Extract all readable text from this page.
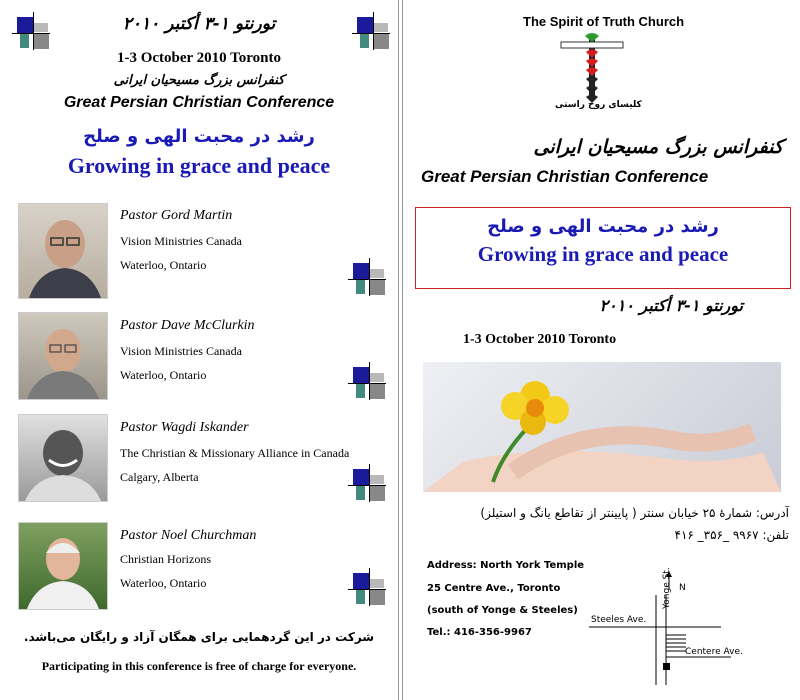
تورنتو ۱-۳ أکتبر ۲۰۱۰
1-3 October 2010 Toronto
کنفرانس بزرگ مسیحیان ایرانی
Great Persian Christian Conference
رشد در محبت الهی و صلح
Growing in grace and peace
Pastor Gord Martin
Vision Ministries Canada
Waterloo, Ontario
Pastor Dave McClurkin
Vision Ministries Canada
Waterloo, Ontario
Pastor Wagdi Iskander
The Christian & Missionary Alliance in Canada
Calgary, Alberta
Pastor Noel Churchman
Christian Horizons
Waterloo, Ontario
شرکت در این گردهمایی برای همگان آزاد و رایگان می‌باشد.
Participating in this conference is free of charge for everyone.
The Spirit of Truth Church
کلیسای روح راستی
کنفرانس بزرگ مسیحیان ایرانی
Great Persian Christian Conference
رشد در محبت الهی و صلح
Growing in grace and peace
تورنتو ۱-۳ أکتبر ۲۰۱۰
1-3 October 2010 Toronto
آدرس: شمارهٔ ۲۵ خیابان سنتر ( پایینتر از تقاطع یانگ و استیلز)
تلفن: ۹۹۶۷ _۳۵۶_ ۴۱۶
Address: North York Temple
25 Centre Ave., Toronto
(south of Yonge & Steeles)
Tel.: 416-356-9967
Yonge St. N
Steeles Ave.
Centere Ave.
